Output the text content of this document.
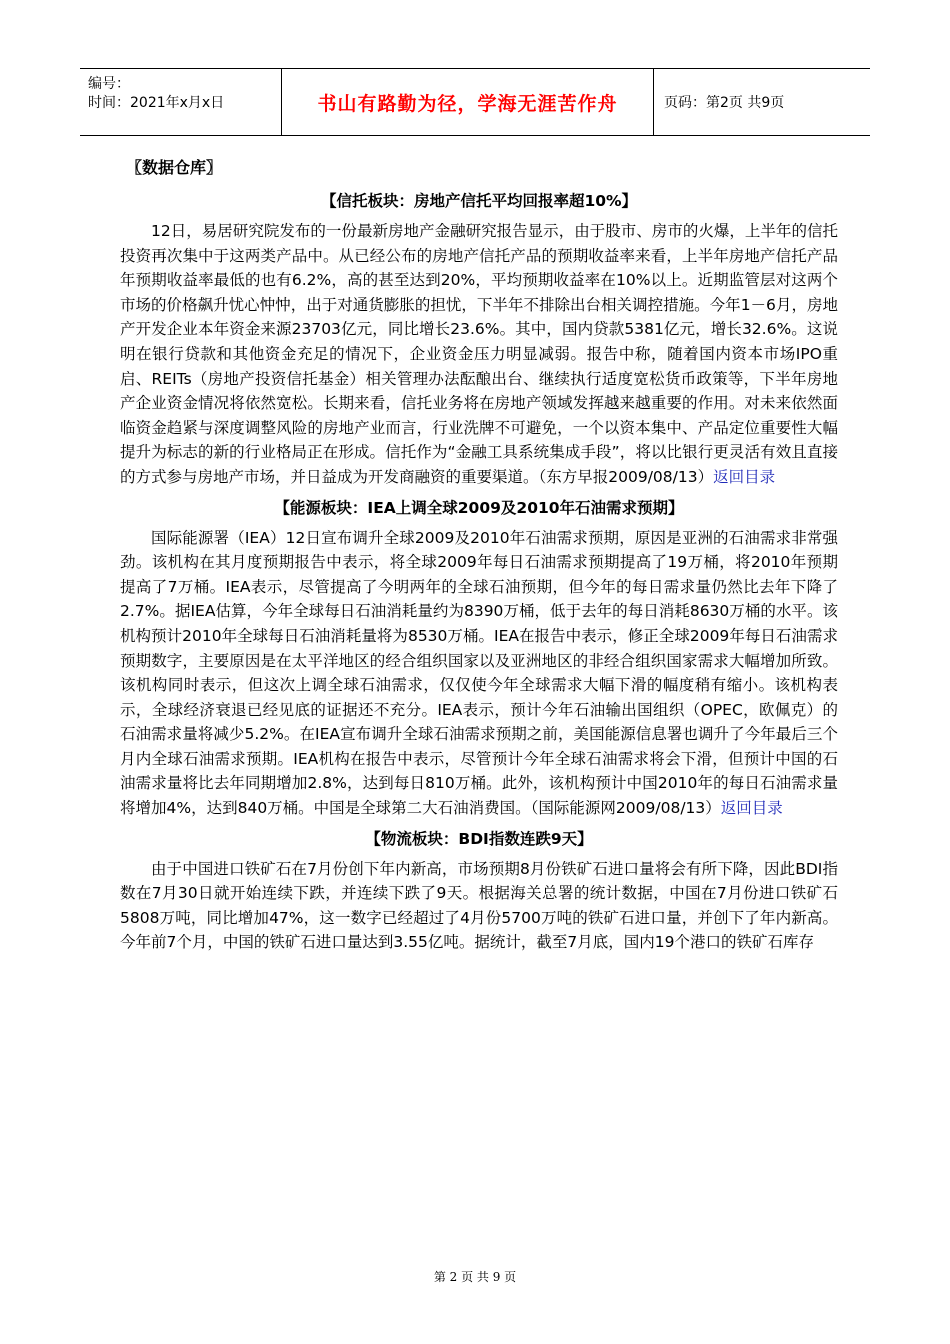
编号：
时间：2021年x月x日	书山有路勤为径，学海无涯苦作舟	页码：第2页 共9页
〖数据仓库〗
【信托板块：房地产信托平均回报率超10%】

12日，易居研究院发布的一份最新房地产金融研究报告显示，由于股市、房市的火爆，上半年的信托投资再次集中于这两类产品中。从已经公布的房地产信托产品的预期收益率来看，上半年房地产信托产品年预期收益率最低的也有6.2%，高的甚至达到20%，平均预期收益率在10%以上。近期监管层对这两个市场的价格飙升忧心忡忡，出于对通货膨胀的担忧，下半年不排除出台相关调控措施。今年1－6月，房地产开发企业本年资金来源23703亿元，同比增长23.6%。其中，国内贷款5381亿元，增长32.6%。这说明在银行贷款和其他资金充足的情况下，企业资金压力明显减弱。报告中称，随着国内资本市场IPO重启、REITs（房地产投资信托基金）相关管理办法酝酿出台、继续执行适度宽松货币政策等，下半年房地产企业资金情况将依然宽松。长期来看，信托业务将在房地产领域发挥越来越重要的作用。对未来依然面临资金趋紧与深度调整风险的房地产业而言，行业洗牌不可避免，一个以资本集中、产品定位重要性大幅提升为标志的新的行业格局正在形成。信托作为“金融工具系统集成手段”，将以比银行更灵活有效且直接的方式参与房地产市场，并日益成为开发商融资的重要渠道。（东方早报2009/08/13）返回目录

【能源板块：IEA上调全球2009及2010年石油需求预期】

国际能源署（IEA）12日宣布调升全球2009及2010年石油需求预期，原因是亚洲的石油需求非常强劲。该机构在其月度预期报告中表示，将全球2009年每日石油需求预期提高了19万桶，将2010年预期提高了7万桶。IEA表示，尽管提高了今明两年的全球石油预期，但今年的每日需求量仍然比去年下降了2.7%。据IEA估算，今年全球每日石油消耗量约为8390万桶，低于去年的每日消耗8630万桶的水平。该机构预计2010年全球每日石油消耗量将为8530万桶。IEA在报告中表示，修正全球2009年每日石油需求预期数字，主要原因是在太平洋地区的经合组织国家以及亚洲地区的非经合组织国家需求大幅增加所致。该机构同时表示，但这次上调全球石油需求，仅仅使今年全球需求大幅下滑的幅度稍有缩小。该机构表示，全球经济衰退已经见底的证据还不充分。IEA表示，预计今年石油输出国组织（OPEC，欧佩克）的石油需求量将减少5.2%。在IEA宣布调升全球石油需求预期之前，美国能源信息署也调升了今年最后三个月内全球石油需求预期。IEA机构在报告中表示，尽管预计今年全球石油需求将会下滑，但预计中国的石油需求量将比去年同期增加2.8%，达到每日810万桶。此外，该机构预计中国2010年的每日石油需求量将增加4%，达到840万桶。中国是全球第二大石油消费国。（国际能源网2009/08/13）返回目录

【物流板块：BDI指数连跌9天】

由于中国进口铁矿石在7月份创下年内新高，市场预期8月份铁矿石进口量将会有所下降，因此BDI指数在7月30日就开始连续下跌，并连续下跌了9天。根据海关总署的统计数据，中国在7月份进口铁矿石5808万吨，同比增加47%，这一数字已经超过了4月份5700万吨的铁矿石进口量，并创下了年内新高。今年前7个月，中国的铁矿石进口量达到3.55亿吨。据统计，截至7月底，国内19个港口的铁矿石库存

第 2 页 共 9 页
